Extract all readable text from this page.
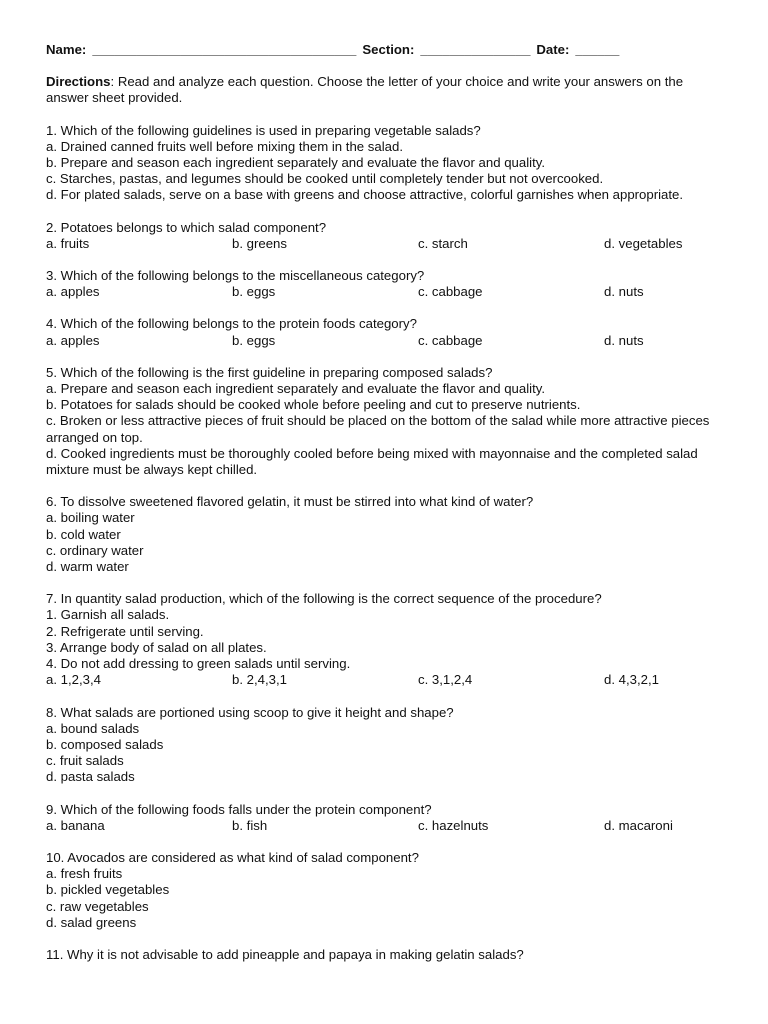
Name: ____________________________________ Section: _______________ Date: ______
Directions: Read and analyze each question. Choose the letter of your choice and write your answers on the answer sheet provided.
1. Which of the following guidelines is used in preparing vegetable salads?
a. Drained canned fruits well before mixing them in the salad.
b. Prepare and season each ingredient separately and evaluate the flavor and quality.
c. Starches, pastas, and legumes should be cooked until completely tender but not overcooked.
d. For plated salads, serve on a base with greens and choose attractive, colorful garnishes when appropriate.
2. Potatoes belongs to which salad component?
a. fruits	b. greens	c. starch	d. vegetables
3. Which of the following belongs to the miscellaneous category?
a. apples	b. eggs	c. cabbage	d. nuts
4. Which of the following belongs to the protein foods category?
a. apples	b. eggs	c. cabbage	d. nuts
5. Which of the following is the first guideline in preparing composed salads?
a. Prepare and season each ingredient separately and evaluate the flavor and quality.
b. Potatoes for salads should be cooked whole before peeling and cut to preserve nutrients.
c. Broken or less attractive pieces of fruit should be placed on the bottom of the salad while more attractive pieces arranged on top.
d. Cooked ingredients must be thoroughly cooled before being mixed with mayonnaise and the completed salad mixture must be always kept chilled.
6. To dissolve sweetened flavored gelatin, it must be stirred into what kind of water?
a. boiling water
b. cold water
c. ordinary water
d. warm water
7. In quantity salad production, which of the following is the correct sequence of the procedure?
1. Garnish all salads.
2. Refrigerate until serving.
3. Arrange body of salad on all plates.
4. Do not add dressing to green salads until serving.
a. 1,2,3,4	b. 2,4,3,1	c. 3,1,2,4	d. 4,3,2,1
8. What salads are portioned using scoop to give it height and shape?
a. bound salads
b. composed salads
c. fruit salads
d. pasta salads
9. Which of the following foods falls under the protein component?
a. banana	b. fish	c. hazelnuts	d. macaroni
10. Avocados are considered as what kind of salad component?
a. fresh fruits
b. pickled vegetables
c. raw vegetables
d. salad greens
11. Why it is not advisable to add pineapple and papaya in making gelatin salads?
